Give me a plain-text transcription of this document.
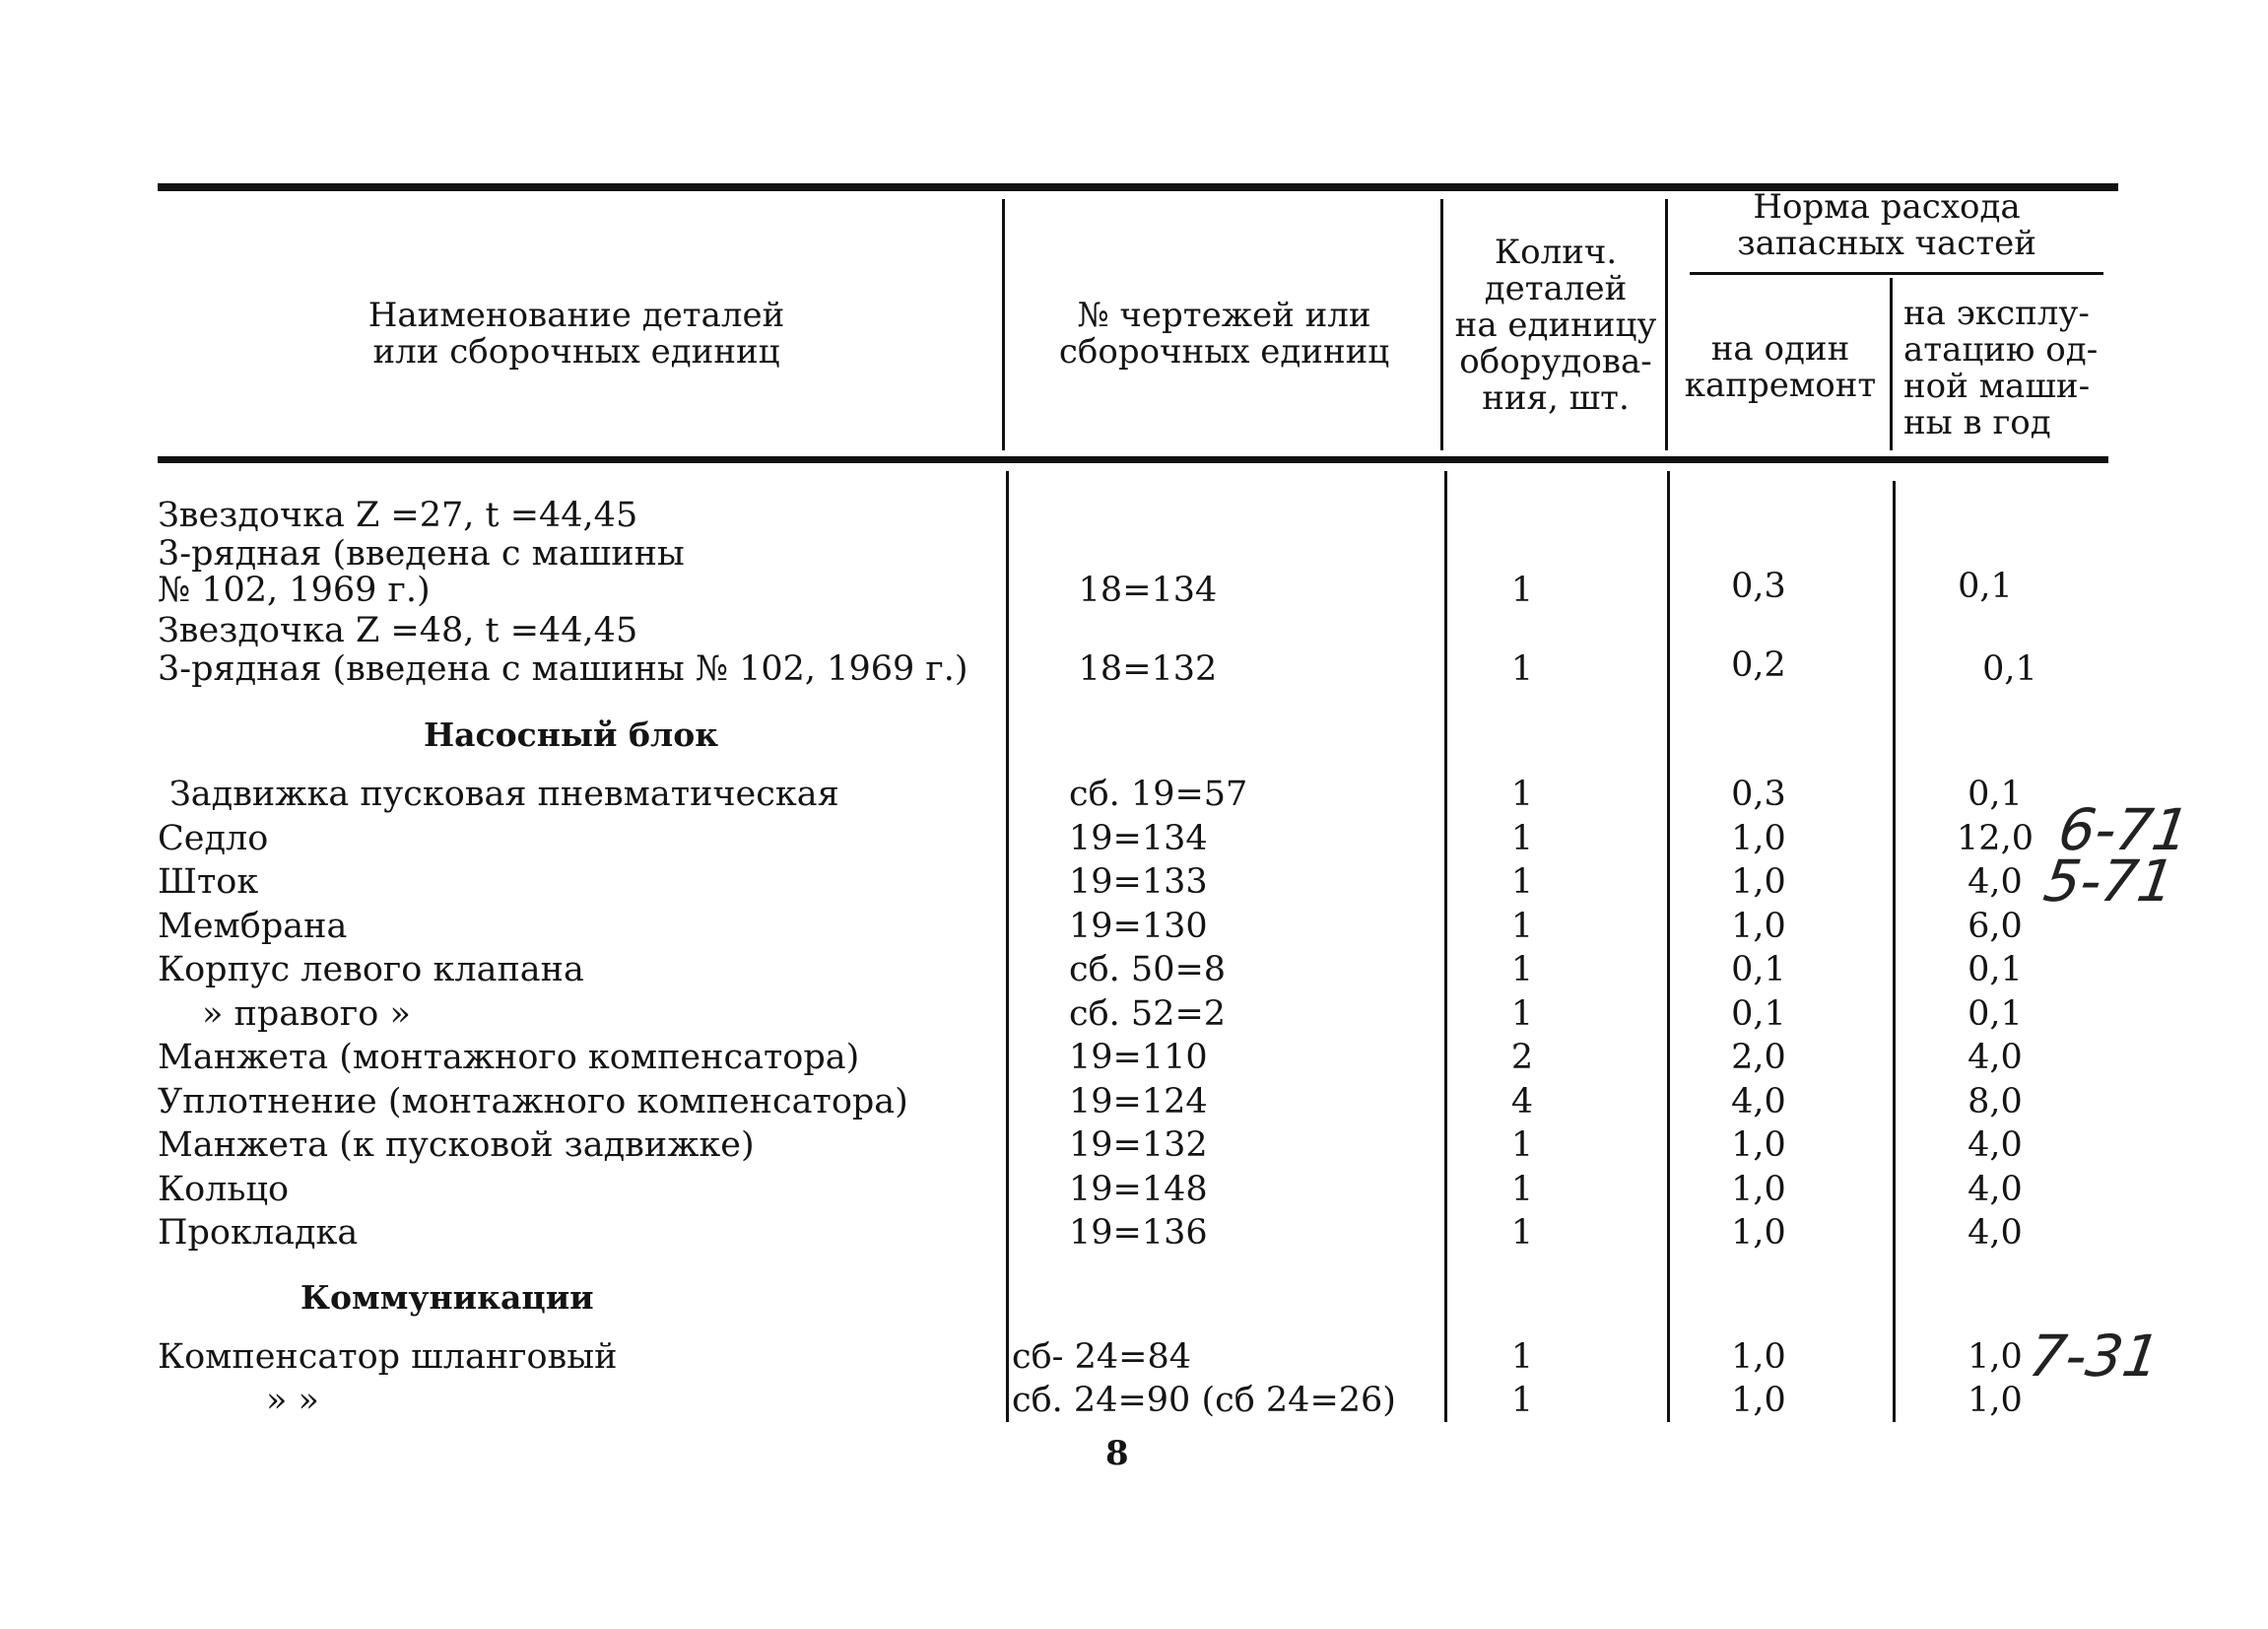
Наименование деталей
или сборочных единиц
№ чертежей или
сборочных единиц
Колич.
деталей
на единицу
оборудова-
ния, шт.
Норма расхода
запасных частей
на один
капремонт
на эксплу-
атацию од-
ной маши-
ны в год
Звездочка Z =27, t =44,45
3-рядная (введена с машины
№ 102, 1969 г.)	18=134	1	0,3	0,1
Звездочка Z =48, t =44,45
3-рядная (введена с машины № 102, 1969 г.)	18=132	1	0,2	0,1
Насосный блок
Задвижка пусковая пневматическая	сб. 19=57	1	0,3	0,1
Седло	19=134	1	1,0	12,0
Шток	19=133	1	1,0	4,0
Мембрана	19=130	1	1,0	6,0
Корпус левого клапана	сб. 50=8	1	0,1	0,1
» правого »	сб. 52=2	1	0,1	0,1
Манжета (монтажного компенсатора)	19=110	2	2,0	4,0
Уплотнение (монтажного компенсатора)	19=124	4	4,0	8,0
Манжета (к пусковой задвижке)	19=132	1	1,0	4,0
Кольцо	19=148	1	1,0	4,0
Прокладка	19=136	1	1,0	4,0
Коммуникации
Компенсатор шланговый	сб- 24=84	1	1,0	1,0
» »	сб. 24=90 (сб 24=26)	1	1,0	1,0
6-71
5-71
7-31
8
